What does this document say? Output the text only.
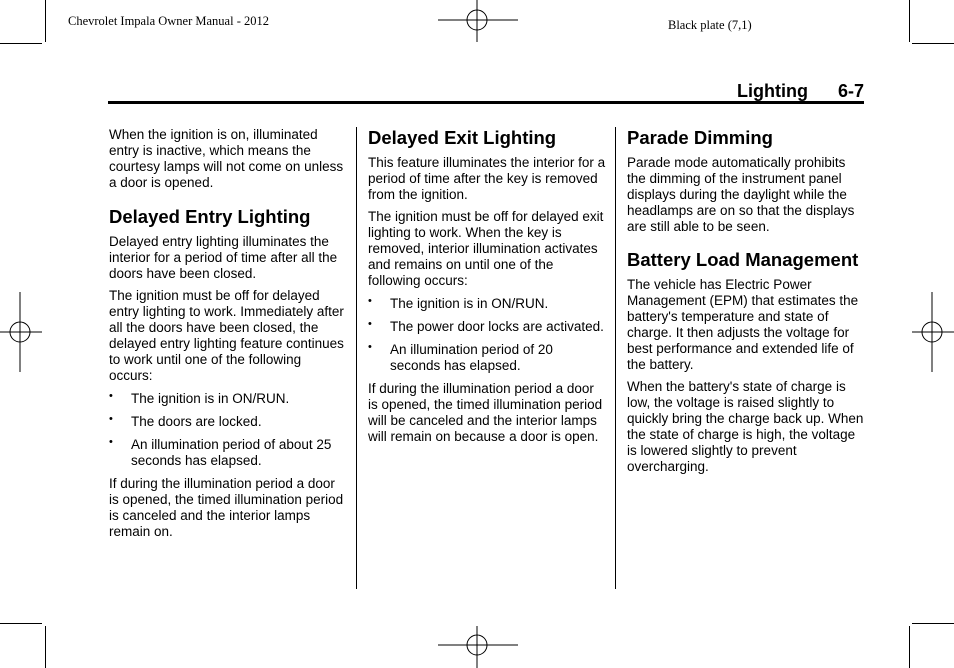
Chevrolet Impala Owner Manual - 2012	Black plate (7,1)
Lighting 6-7

When the ignition is on, illuminated entry is inactive, which means the courtesy lamps will not come on unless a door is opened.

Delayed Entry Lighting

Delayed entry lighting illuminates the interior for a period of time after all the doors have been closed.

The ignition must be off for delayed entry lighting to work. Immediately after all the doors have been closed, the delayed entry lighting feature continues to work until one of the following occurs:

• The ignition is in ON/RUN.
• The doors are locked.
• An illumination period of about 25 seconds has elapsed.

If during the illumination period a door is opened, the timed illumination period is canceled and the interior lamps remain on.

Delayed Exit Lighting

This feature illuminates the interior for a period of time after the key is removed from the ignition.

The ignition must be off for delayed exit lighting to work. When the key is removed, interior illumination activates and remains on until one of the following occurs:

• The ignition is in ON/RUN.
• The power door locks are activated.
• An illumination period of 20 seconds has elapsed.

If during the illumination period a door is opened, the timed illumination period will be canceled and the interior lamps will remain on because a door is open.

Parade Dimming

Parade mode automatically prohibits the dimming of the instrument panel displays during the daylight while the headlamps are on so that the displays are still able to be seen.

Battery Load Management

The vehicle has Electric Power Management (EPM) that estimates the battery's temperature and state of charge. It then adjusts the voltage for best performance and extended life of the battery.

When the battery's state of charge is low, the voltage is raised slightly to quickly bring the charge back up. When the state of charge is high, the voltage is lowered slightly to prevent overcharging.
